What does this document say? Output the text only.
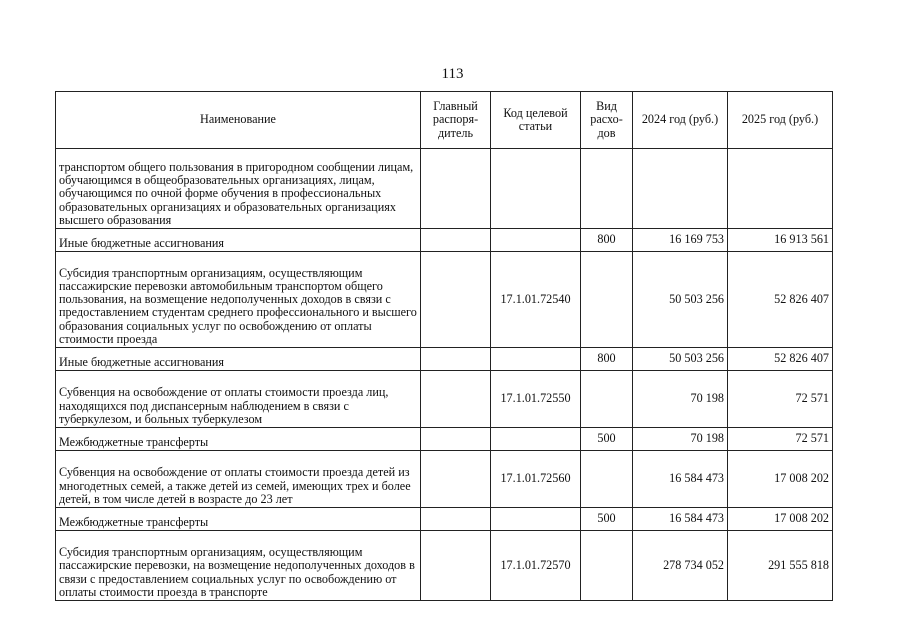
113
Наименование	Главный распоря- дитель	Код целевой статьи	Вид расхо- дов	2024 год (руб.)	2025 год (руб.)
транспортом общего пользования в пригородном сообщении лицам, обучающимся в общеобразовательных организациях, лицам, обучающимся по очной форме обучения в профессиональных образовательных организациях и образовательных организациях высшего образования					
Иные бюджетные ассигнования			800	16 169 753	16 913 561
Субсидия транспортным организациям, осуществляющим пассажирские перевозки автомобильным транспортом общего пользования, на возмещение недополученных доходов в связи с предоставлением студентам среднего профессионального и высшего образования социальных услуг по освобождению от оплаты стоимости проезда		17.1.01.72540		50 503 256	52 826 407
Иные бюджетные ассигнования			800	50 503 256	52 826 407
Субвенция на освобождение от оплаты стоимости проезда лиц, находящихся под диспансерным наблюдением в связи с туберкулезом, и больных туберкулезом		17.1.01.72550		70 198	72 571
Межбюджетные трансферты			500	70 198	72 571
Субвенция на освобождение от оплаты стоимости проезда детей из многодетных семей, а также детей из семей, имеющих трех и более детей, в том числе детей в возрасте до 23 лет		17.1.01.72560		16 584 473	17 008 202
Межбюджетные трансферты			500	16 584 473	17 008 202
Субсидия транспортным организациям, осуществляющим пассажирские перевозки, на возмещение недополученных доходов в связи с предоставлением социальных услуг по освобождению от оплаты стоимости проезда в транспорте		17.1.01.72570		278 734 052	291 555 818
